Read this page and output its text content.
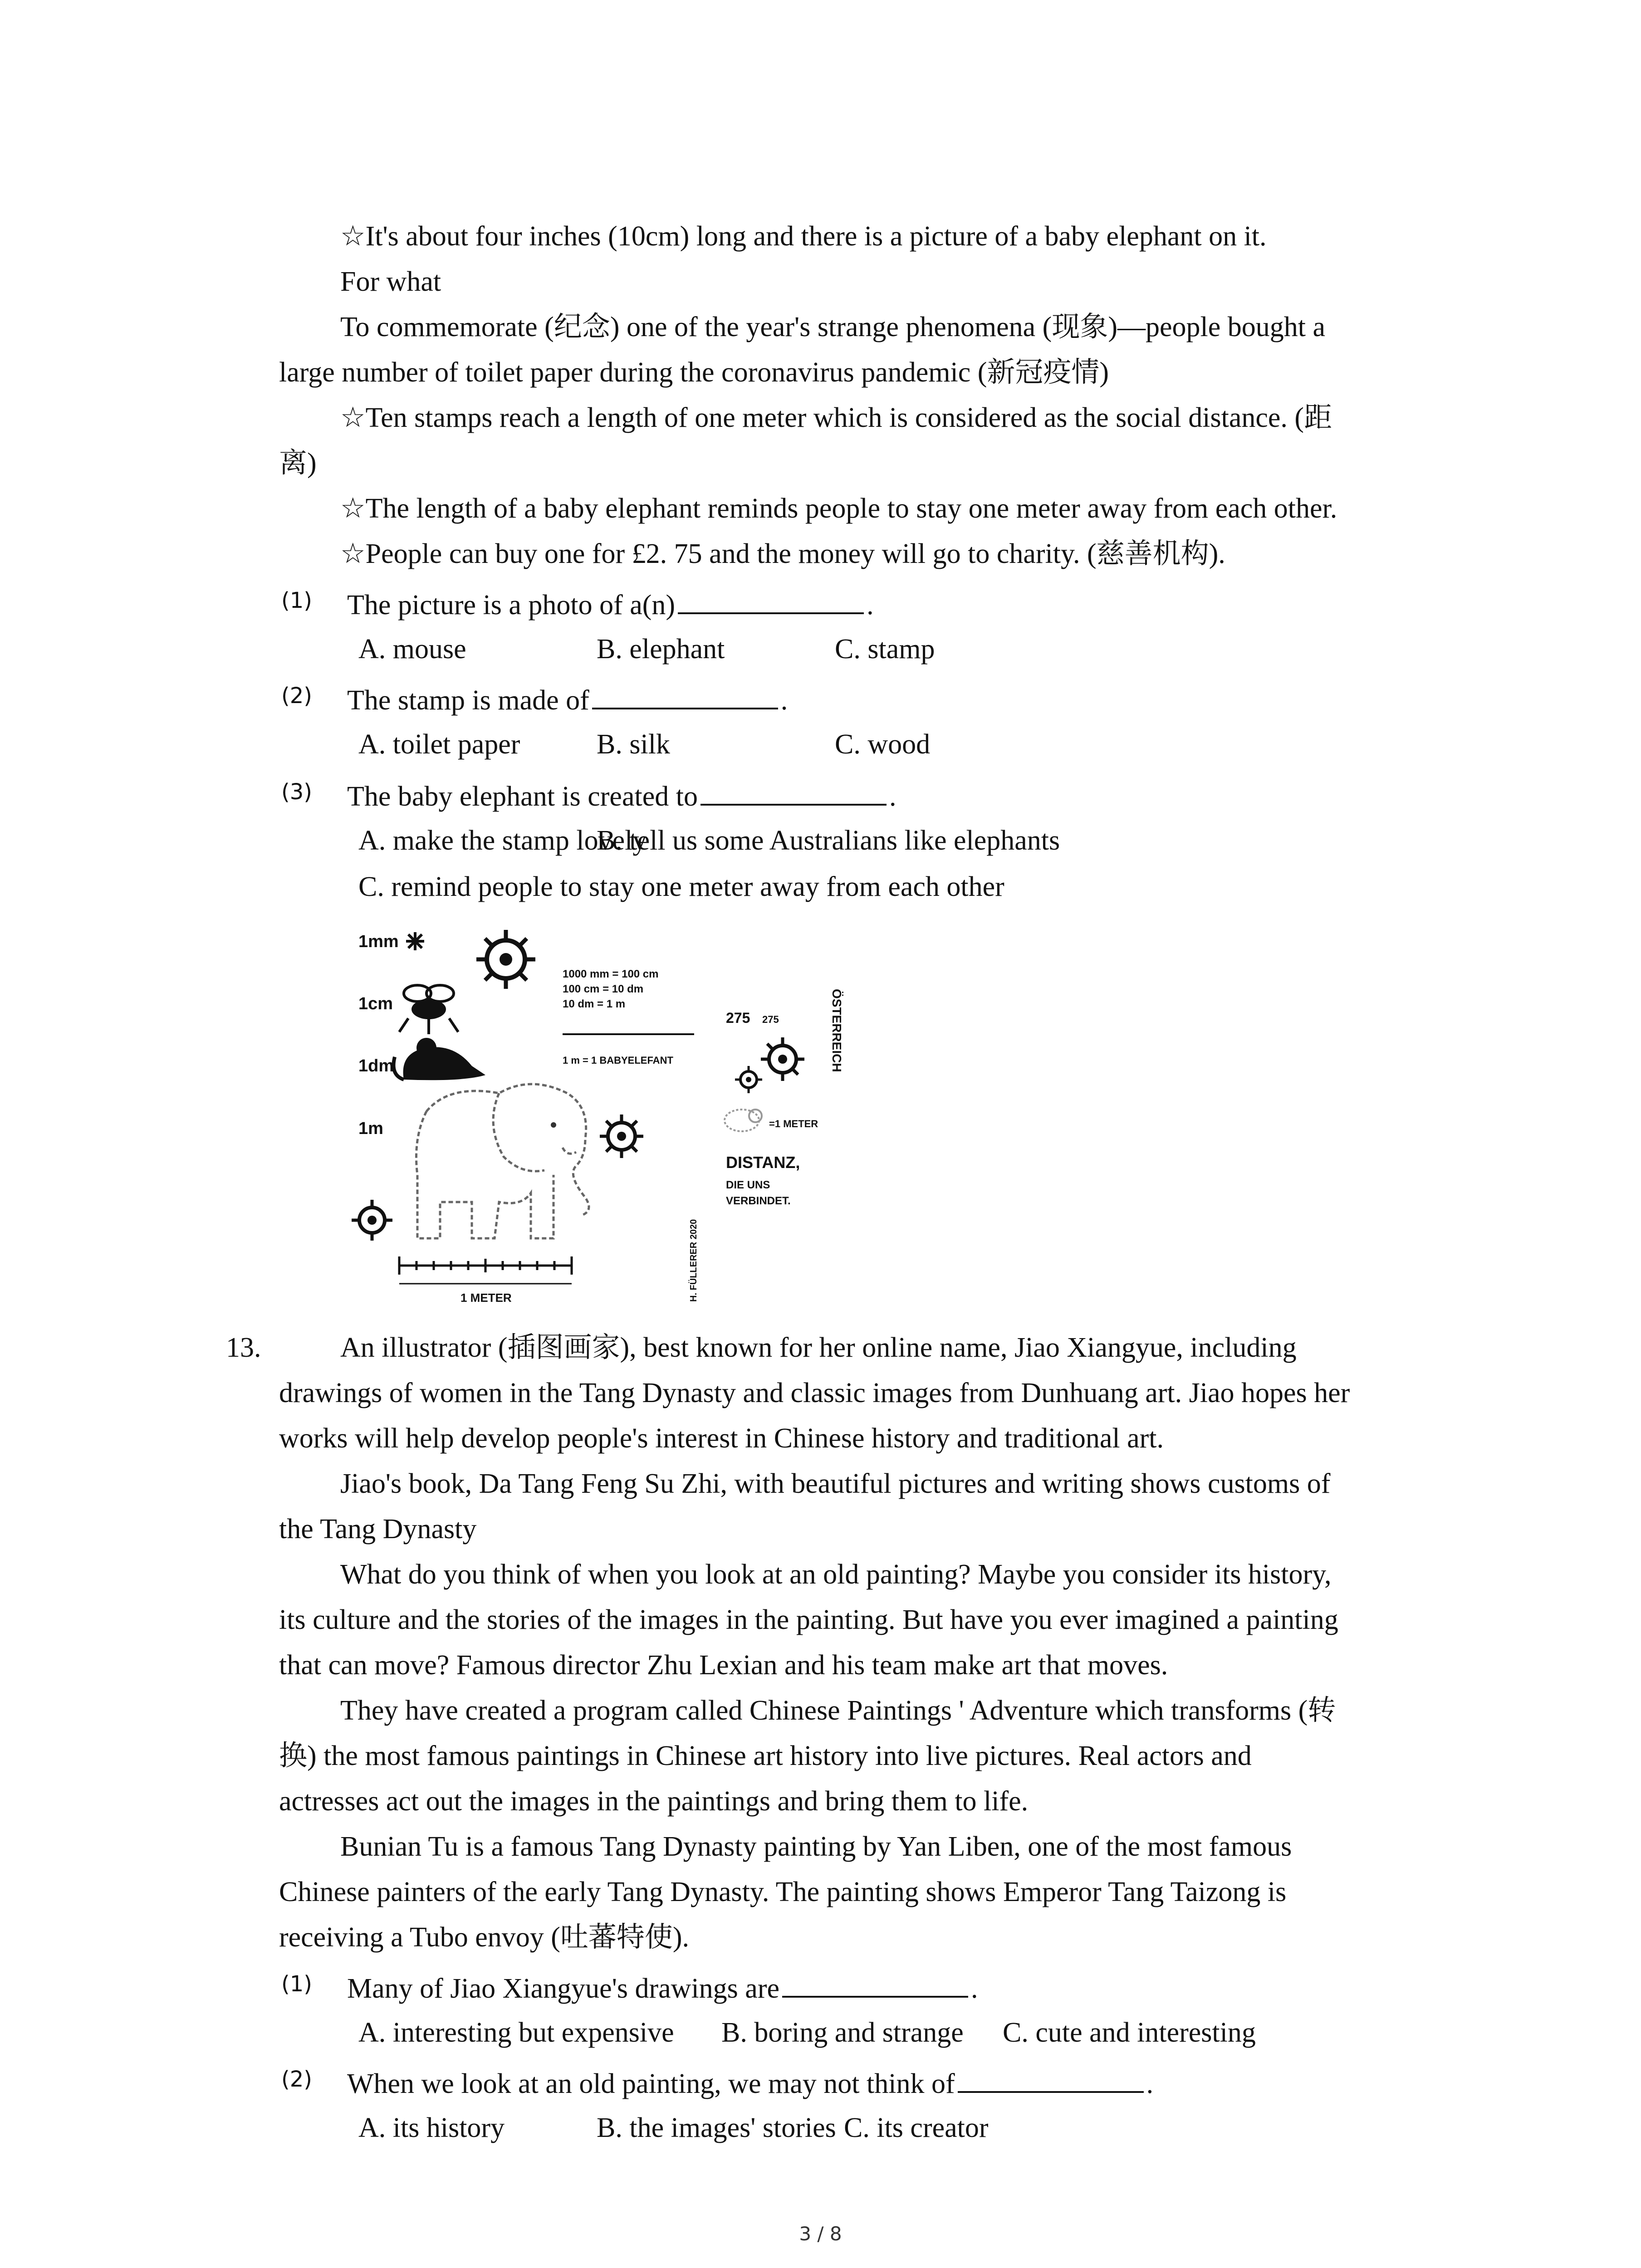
☆It's about four inches (10cm) long and there is a picture of a baby elephant on it.
For what
To commemorate (纪念) one of the year's strange phenomena (现象)—people bought a
large number of toilet paper during the coronavirus pandemic (新冠疫情)
☆Ten stamps reach a length of one meter which is considered as the social distance. (距
离)
☆The length of a baby elephant reminds people to stay one meter away from each other.
☆People can buy one for £2. 75 and the money will go to charity. (慈善机构).
(1) The picture is a photo of a(n)	.
A. mouse	B. elephant	C. stamp
(2) The stamp is made of	.
A. toilet paper	B. silk	C. wood
(3) The baby elephant is created to	.
A. make the stamp lovely
B. tell us some Australians like elephants
C. remind people to stay one meter away from each other
1mm
1cm
1dm
1m
1000 mm = 100 cm
100 cm = 10 dm
10 dm = 1 m
1 m = 1 BABYELEFANT
275 275	ÖSTERREICH
=1 METER
DISTANZ,
DIE UNS
VERBINDET.
1 METER	H. FÜLLERER 2020
13.	An illustrator (插图画家), best known for her online name, Jiao Xiangyue, including
drawings of women in the Tang Dynasty and classic images from Dunhuang art. Jiao hopes her
works will help develop people's interest in Chinese history and traditional art.
Jiao's book, Da Tang Feng Su Zhi, with beautiful pictures and writing shows customs of
the Tang Dynasty
What do you think of when you look at an old painting? Maybe you consider its history,
its culture and the stories of the images in the painting. But have you ever imagined a painting
that can move? Famous director Zhu Lexian and his team make art that moves.
They have created a program called Chinese Paintings ' Adventure which transforms (转
换) the most famous paintings in Chinese art history into live pictures. Real actors and
actresses act out the images in the paintings and bring them to life.
Bunian Tu is a famous Tang Dynasty painting by Yan Liben, one of the most famous
Chinese painters of the early Tang Dynasty. The painting shows Emperor Tang Taizong is
receiving a Tubo envoy (吐蕃特使).
(1) Many of Jiao Xiangyue's drawings are	.
A. interesting but expensive B. boring and strange C. cute and interesting
(2) When we look at an old painting, we may not think of	.
A. its history	B. the images' stories C. its creator
3 / 8
